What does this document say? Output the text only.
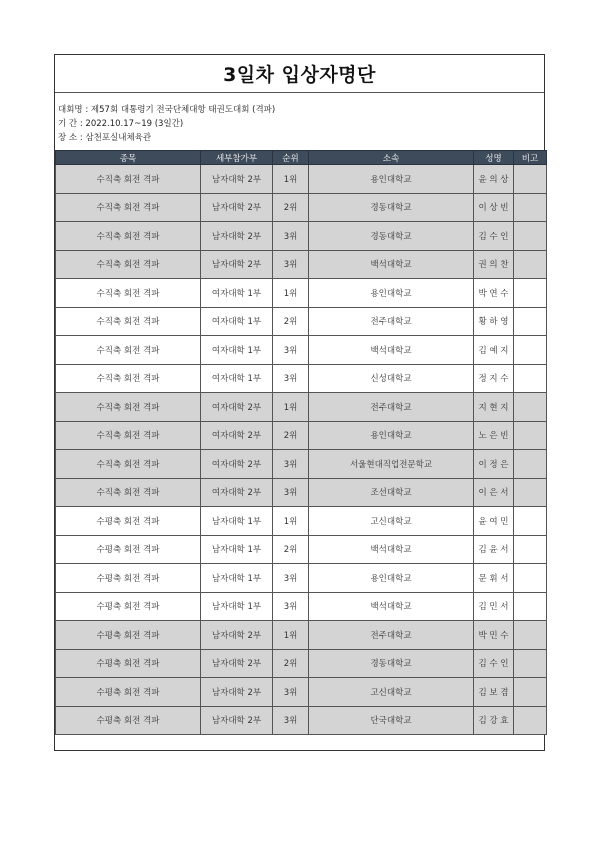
3일차 입상자명단
대회명 : 제57회 대통령기 전국단체대항 태권도대회 (격파)
기 간 : 2022.10.17~19 (3일간)
장 소 : 삼천포실내체육관
종목	세부참가부	순위	소속	성명	비고
수직축 회전 격파	남자대학 2부	1위	용인대학교	윤 의 상	
수직축 회전 격파	남자대학 2부	2위	경동대학교	이 상 빈	
수직축 회전 격파	남자대학 2부	3위	경동대학교	김 수 인	
수직축 회전 격파	남자대학 2부	3위	백석대학교	권 의 찬	
수직축 회전 격파	여자대학 1부	1위	용인대학교	박 연 수	
수직축 회전 격파	여자대학 1부	2위	전주대학교	황 하 영	
수직축 회전 격파	여자대학 1부	3위	백석대학교	김 예 지	
수직축 회전 격파	여자대학 1부	3위	신성대학교	정 지 수	
수직축 회전 격파	여자대학 2부	1위	전주대학교	지 현 지	
수직축 회전 격파	여자대학 2부	2위	용인대학교	노 은 빈	
수직축 회전 격파	여자대학 2부	3위	서울현대직업전문학교	이 정 은	
수직축 회전 격파	여자대학 2부	3위	조선대학교	이 은 서	
수평축 회전 격파	남자대학 1부	1위	고신대학교	윤 여 민	
수평축 회전 격파	남자대학 1부	2위	백석대학교	김 윤 서	
수평축 회전 격파	남자대학 1부	3위	용인대학교	문 휘 서	
수평축 회전 격파	남자대학 1부	3위	백석대학교	김 민 서	
수평축 회전 격파	남자대학 2부	1위	전주대학교	박 민 수	
수평축 회전 격파	남자대학 2부	2위	경동대학교	김 수 인	
수평축 회전 격파	남자대학 2부	3위	고신대학교	김 보 겸	
수평축 회전 격파	남자대학 2부	3위	단국대학교	김 강 효	
